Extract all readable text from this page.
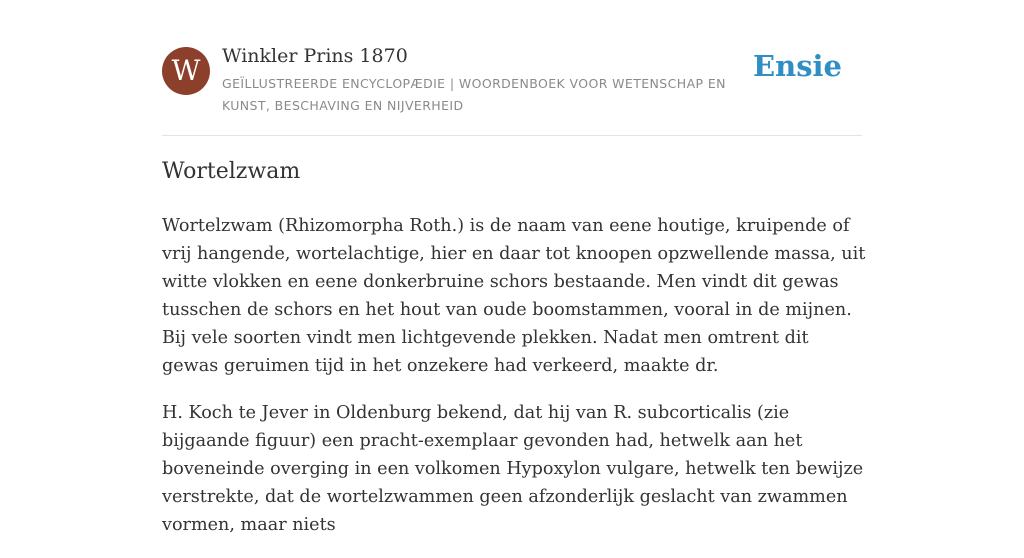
W	Winkler Prins 1870
GEÏLLUSTREERDE ENCYCLOPÆDIE | WOORDENBOEK VOOR WETENSCHAP EN KUNST, BESCHAVING EN NIJVERHEID
Ensie
Wortelzwam

Wortelzwam (Rhizomorpha Roth.) is de naam van eene houtige, kruipende of vrij hangende, wortelachtige, hier en daar tot knoopen opzwellende massa, uit witte vlokken en eene donkerbruine schors bestaande. Men vindt dit gewas tusschen de schors en het hout van oude boomstammen, vooral in de mijnen. Bij vele soorten vindt men lichtgevende plekken. Nadat men omtrent dit gewas geruimen tijd in het onzekere had verkeerd, maakte dr.

H. Koch te Jever in Oldenburg bekend, dat hij van R. subcorticalis (zie bijgaande figuur) een pracht-exemplaar gevonden had, hetwelk aan het boveneinde overging in een volkomen Hypoxylon vulgare, hetwelk ten bewijze verstrekte, dat de wortelzwammen geen afzonderlijk geslacht van zwammen vormen, maar niets
